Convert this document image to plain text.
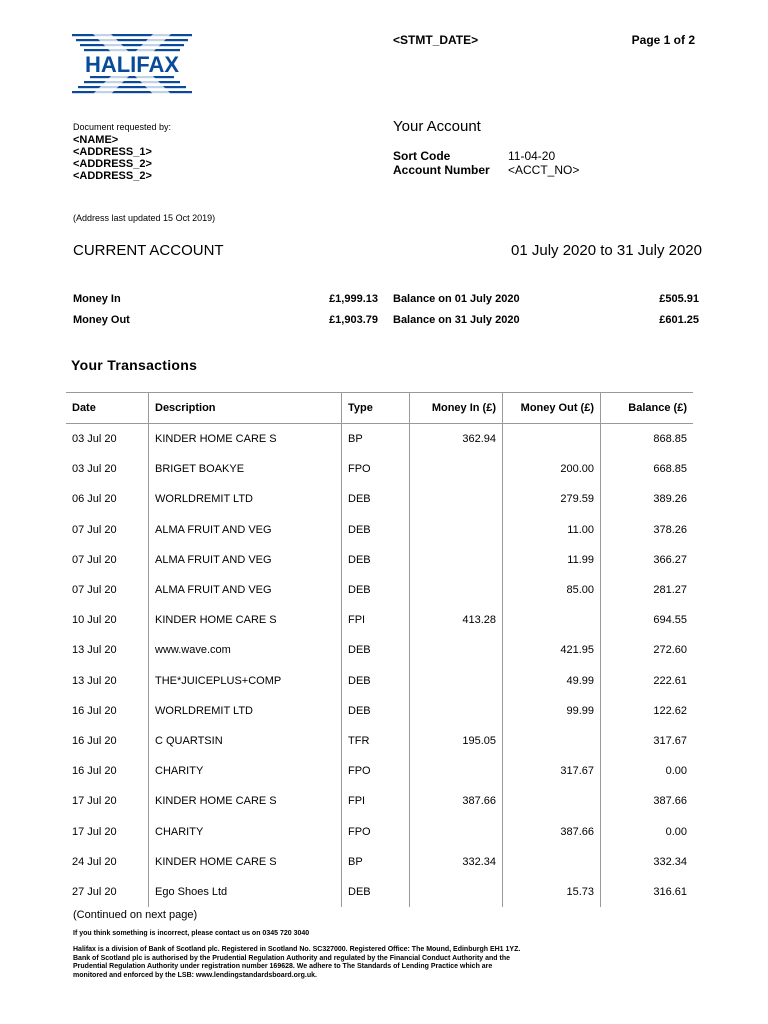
HALIFAX
<STMT_DATE>	Page 1 of 2
Document requested by:
<NAME>
<ADDRESS_1>
<ADDRESS_2>
<ADDRESS_2>
Your Account
Sort Code	11-04-20
Account Number <ACCT_NO>
(Address last updated 15 Oct 2019)
CURRENT ACCOUNT	01 July 2020 to 31 July 2020
Money In	£1,999.13 Balance on 01 July 2020	£505.91
Money Out	£1,903.79 Balance on 31 July 2020	£601.25
Your Transactions
Date	Description	Type	Money In (£)	Money Out (£)	Balance (£)
03 Jul 20	KINDER HOME CARE S	BP	362.94		868.85
03 Jul 20	BRIGET BOAKYE	FPO		200.00	668.85
06 Jul 20	WORLDREMIT LTD	DEB		279.59	389.26
07 Jul 20	ALMA FRUIT AND VEG	DEB		11.00	378.26
07 Jul 20	ALMA FRUIT AND VEG	DEB		11.99	366.27
07 Jul 20	ALMA FRUIT AND VEG	DEB		85.00	281.27
10 Jul 20	KINDER HOME CARE S	FPI	413.28		694.55
13 Jul 20	www.wave.com	DEB		421.95	272.60
13 Jul 20	THE*JUICEPLUS+COMP	DEB		49.99	222.61
16 Jul 20	WORLDREMIT LTD	DEB		99.99	122.62
16 Jul 20	C QUARTSIN	TFR	195.05		317.67
16 Jul 20	CHARITY	FPO		317.67	0.00
17 Jul 20	KINDER HOME CARE S	FPI	387.66		387.66
17 Jul 20	CHARITY	FPO		387.66	0.00
24 Jul 20	KINDER HOME CARE S	BP	332.34		332.34
27 Jul 20	Ego Shoes Ltd	DEB		15.73	316.61
(Continued on next page)
If you think something is incorrect, please contact us on 0345 720 3040
Halifax is a division of Bank of Scotland plc. Registered in Scotland No. SC327000. Registered Office: The Mound, Edinburgh EH1 1YZ.
Bank of Scotland plc is authorised by the Prudential Regulation Authority and regulated by the Financial Conduct Authority and the
Prudential Regulation Authority under registration number 169628. We adhere to The Standards of Lending Practice which are
monitored and enforced by the LSB: www.lendingstandardsboard.org.uk.
